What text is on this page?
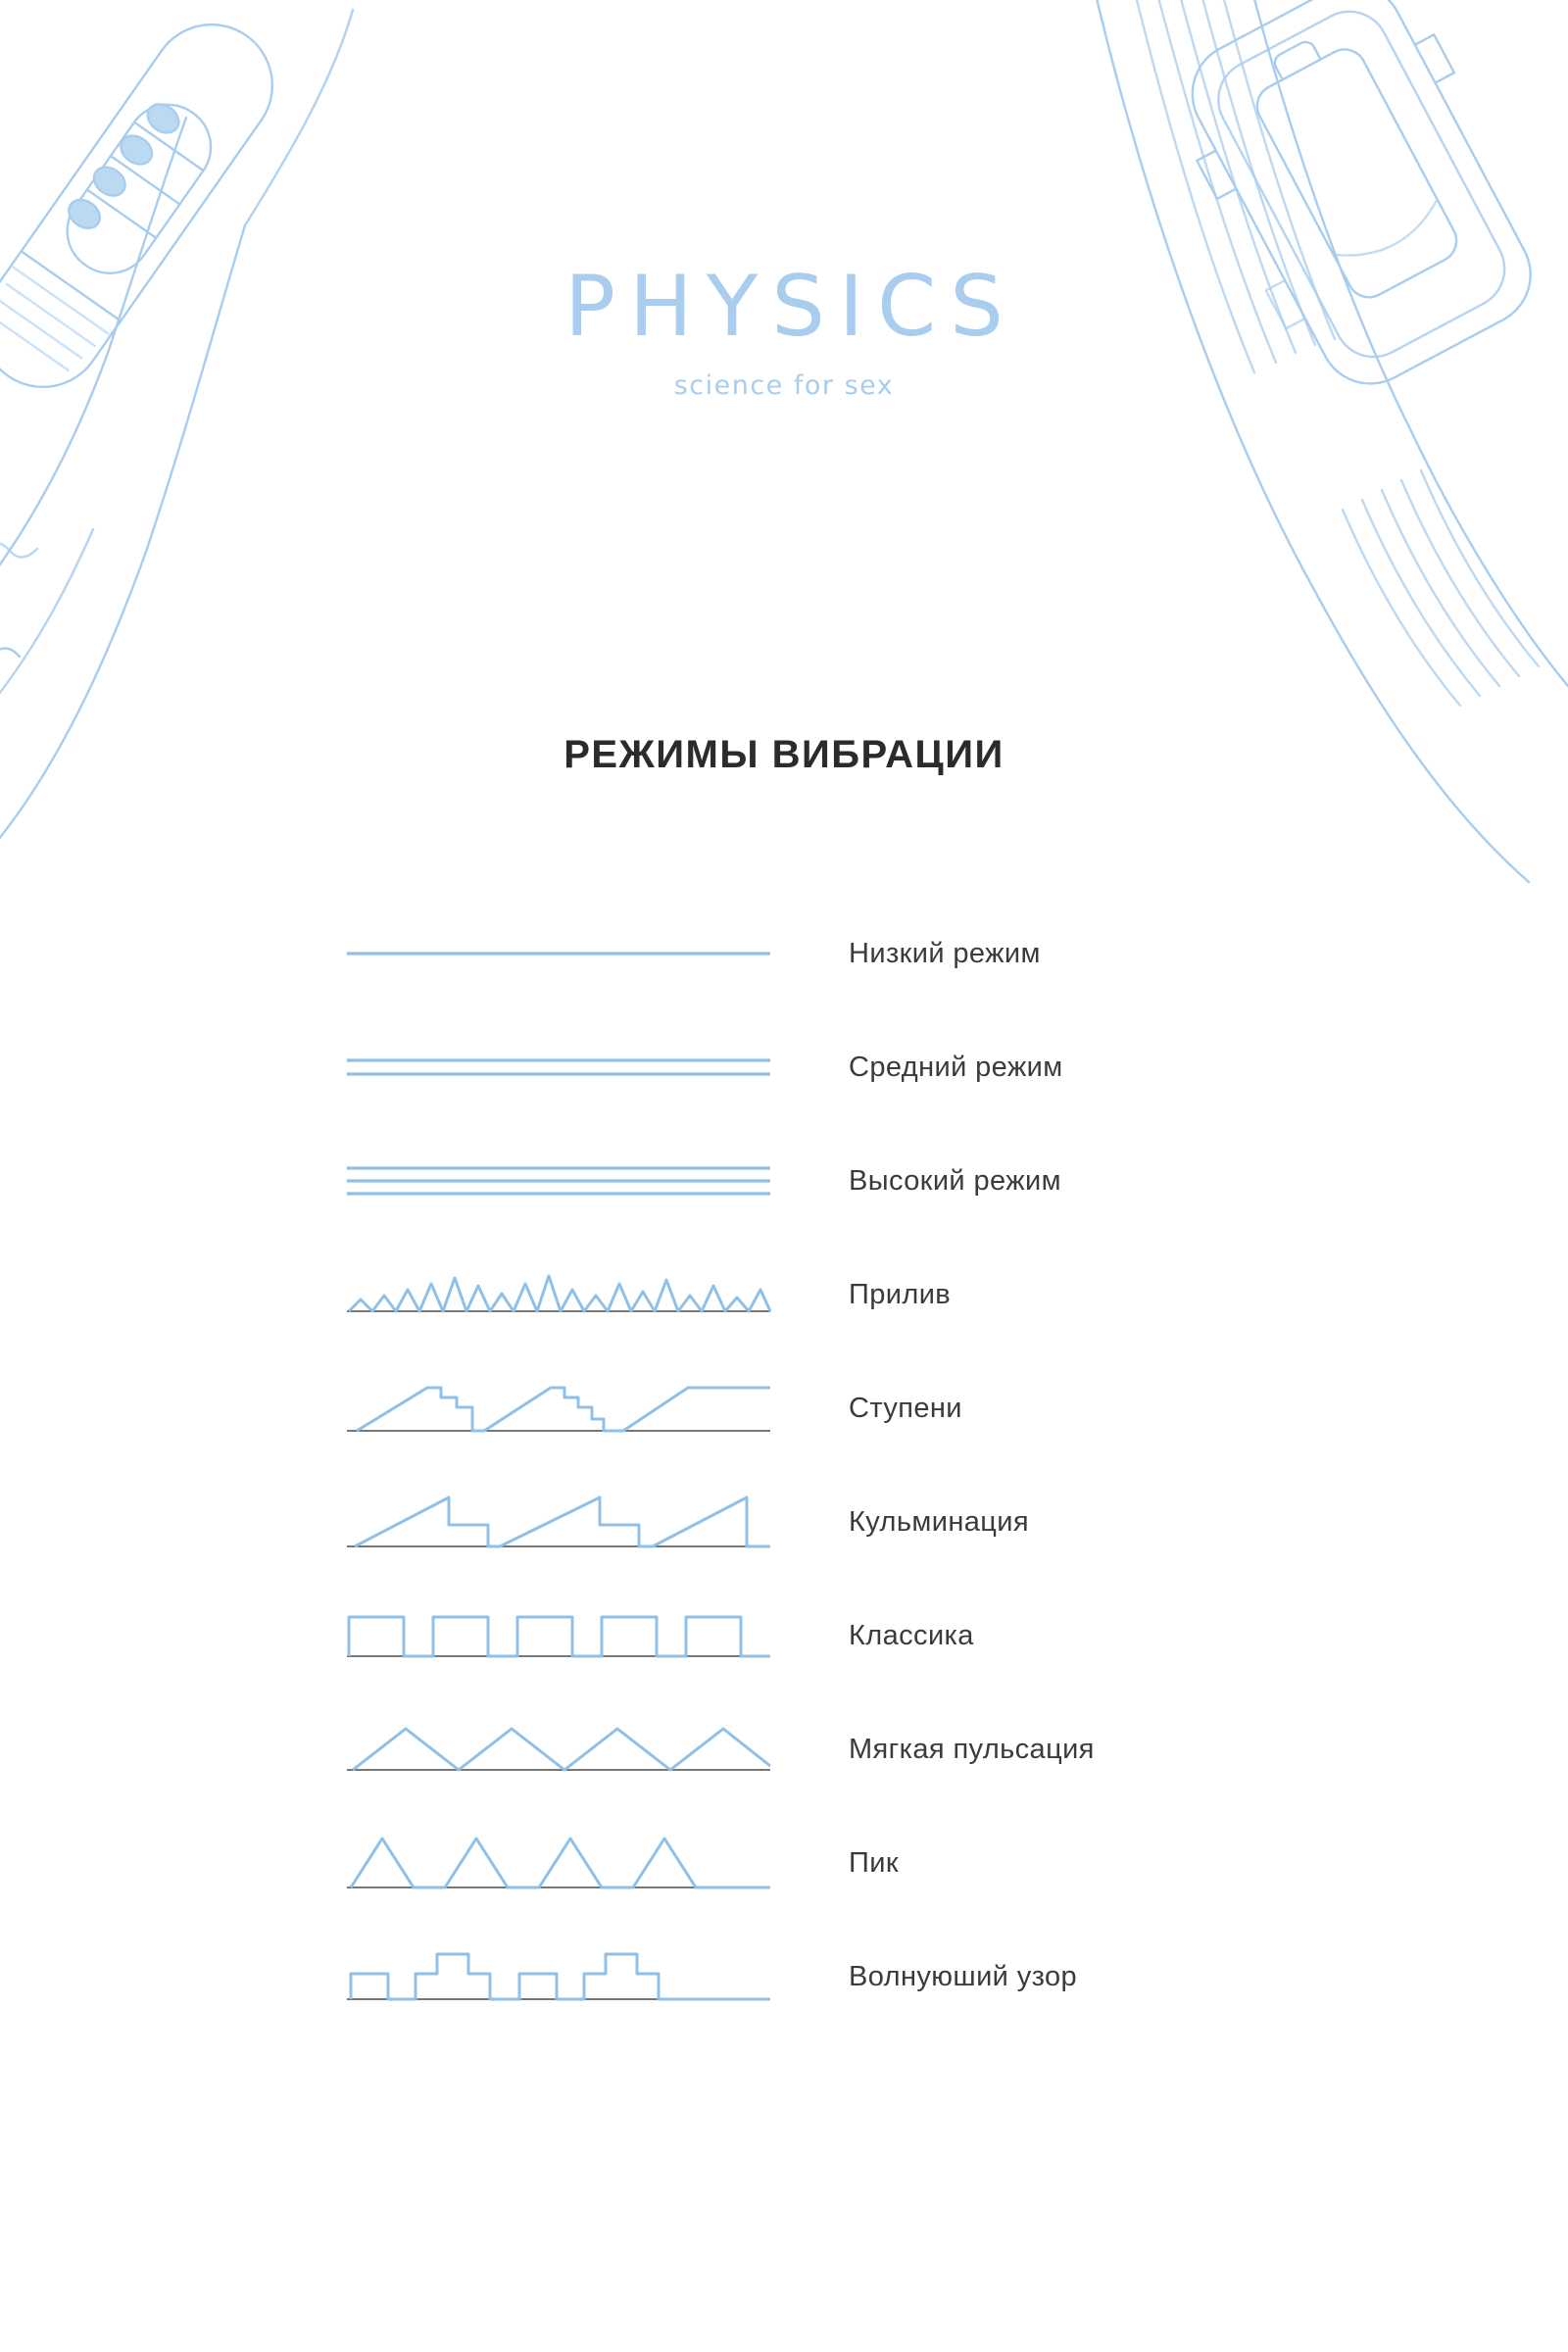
PHYSICS
science for sex
РЕЖИМЫ ВИБРАЦИИ
Низкий режим
Средний режим
Высокий режим
Прилив
Ступени
Кульминация
Классика
Мягкая пульсация
Пик
Волнуюший узор
